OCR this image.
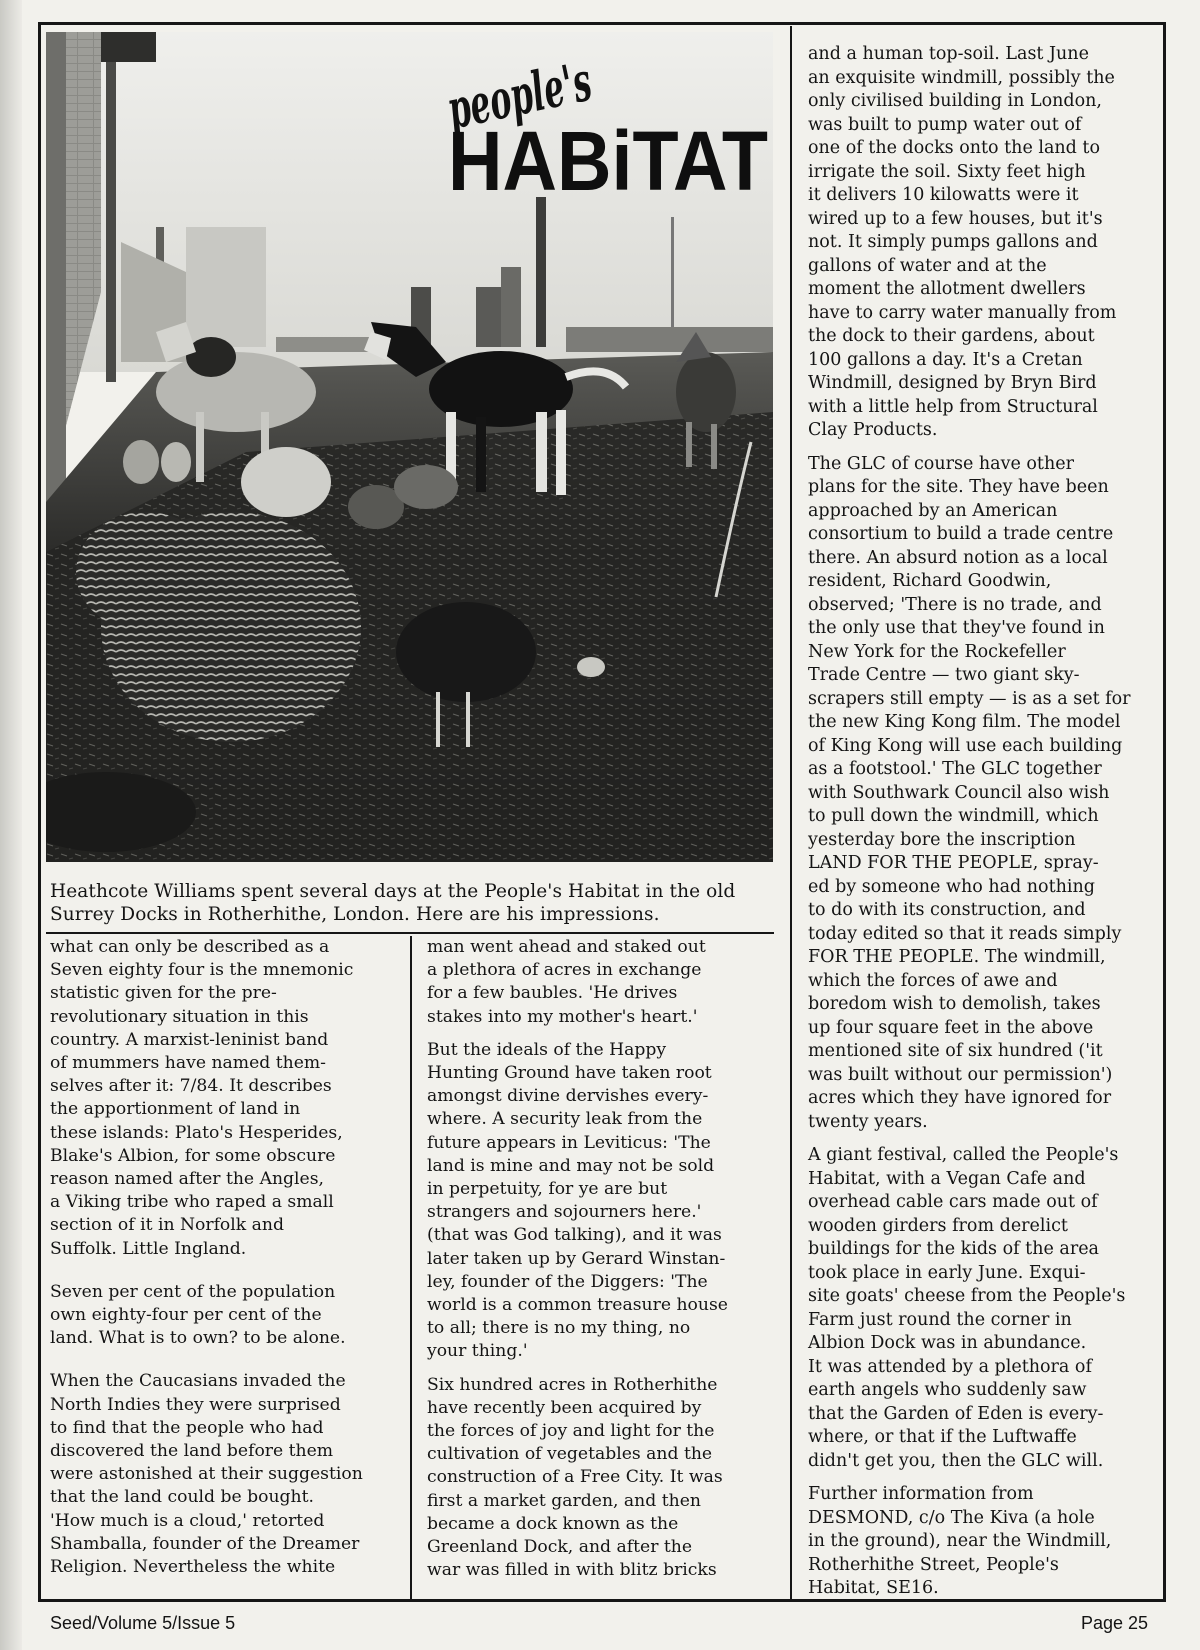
people's
HABiTAT
Heathcote Williams spent several days at the People's Habitat in the old Surrey Docks in Rotherhithe, London. Here are his impressions.

what can only be described as a
Seven eighty four is the mnemonic
statistic given for the pre-
revolutionary situation in this
country. A marxist-leninist band
of mummers have named them-
selves after it: 7/84. It describes
the apportionment of land in
these islands: Plato's Hesperides,
Blake's Albion, for some obscure
reason named after the Angles,
a Viking tribe who raped a small
section of it in Norfolk and
Suffolk. Little Ingland.

Seven per cent of the population
own eighty-four per cent of the
land. What is to own? to be alone.

When the Caucasians invaded the
North Indies they were surprised
to find that the people who had
discovered the land before them
were astonished at their suggestion
that the land could be bought.
'How much is a cloud,' retorted
Shamballa, founder of the Dreamer
Religion. Nevertheless the white

man went ahead and staked out
a plethora of acres in exchange
for a few baubles. 'He drives
stakes into my mother's heart.'

But the ideals of the Happy
Hunting Ground have taken root
amongst divine dervishes every-
where. A security leak from the
future appears in Leviticus: 'The
land is mine and may not be sold
in perpetuity, for ye are but
strangers and sojourners here.'
(that was God talking), and it was
later taken up by Gerard Winstan-
ley, founder of the Diggers: 'The
world is a common treasure house
to all; there is no my thing, no
your thing.'

Six hundred acres in Rotherhithe
have recently been acquired by
the forces of joy and light for the
cultivation of vegetables and the
construction of a Free City. It was
first a market garden, and then
became a dock known as the
Greenland Dock, and after the
war was filled in with blitz bricks

and a human top-soil. Last June
an exquisite windmill, possibly the
only civilised building in London,
was built to pump water out of
one of the docks onto the land to
irrigate the soil. Sixty feet high
it delivers 10 kilowatts were it
wired up to a few houses, but it's
not. It simply pumps gallons and
gallons of water and at the
moment the allotment dwellers
have to carry water manually from
the dock to their gardens, about
100 gallons a day. It's a Cretan
Windmill, designed by Bryn Bird
with a little help from Structural
Clay Products.

The GLC of course have other
plans for the site. They have been
approached by an American
consortium to build a trade centre
there. An absurd notion as a local
resident, Richard Goodwin,
observed; 'There is no trade, and
the only use that they've found in
New York for the Rockefeller
Trade Centre — two giant sky-
scrapers still empty — is as a set for
the new King Kong film. The model
of King Kong will use each building
as a footstool.' The GLC together
with Southwark Council also wish
to pull down the windmill, which
yesterday bore the inscription
LAND FOR THE PEOPLE, spray-
ed by someone who had nothing
to do with its construction, and
today edited so that it reads simply
FOR THE PEOPLE. The windmill,
which the forces of awe and
boredom wish to demolish, takes
up four square feet in the above
mentioned site of six hundred ('it
was built without our permission')
acres which they have ignored for
twenty years.

A giant festival, called the People's
Habitat, with a Vegan Cafe and
overhead cable cars made out of
wooden girders from derelict
buildings for the kids of the area
took place in early June. Exqui-
site goats' cheese from the People's
Farm just round the corner in
Albion Dock was in abundance.
It was attended by a plethora of
earth angels who suddenly saw
that the Garden of Eden is every-
where, or that if the Luftwaffe
didn't get you, then the GLC will.

Further information from
DESMOND, c/o The Kiva (a hole
in the ground), near the Windmill,
Rotherhithe Street, People's
Habitat, SE16.

Seed/Volume 5/Issue 5	Page 25
